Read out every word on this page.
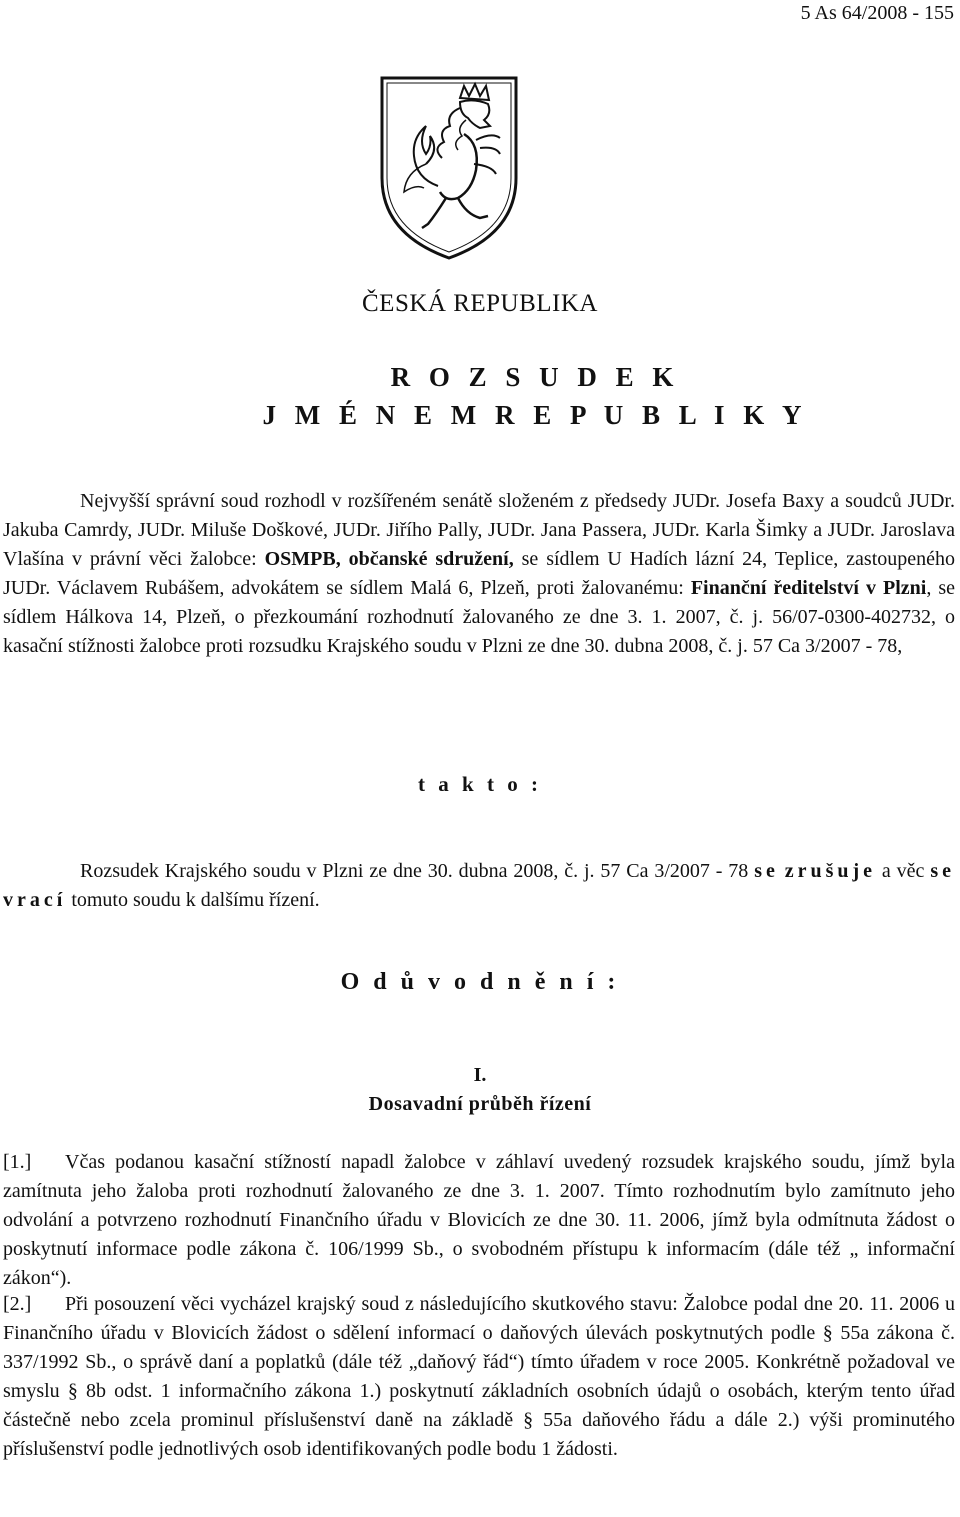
5 As 64/2008 - 155
ČESKÁ REPUBLIKA
R O Z S U D E K
J M É N E M R E P U B L I K Y

Nejvyšší správní soud rozhodl v rozšířeném senátě složeném z předsedy JUDr. Josefa Baxy a soudců JUDr. Jakuba Camrdy, JUDr. Miluše Doškové, JUDr. Jiřího Pally, JUDr. Jana Passera, JUDr. Karla Šimky a JUDr. Jaroslava Vlašína v právní věci žalobce: OSMPB, občanské sdružení, se sídlem U Hadích lázní 24, Teplice, zastoupeného JUDr. Václavem Rubášem, advokátem se sídlem Malá 6, Plzeň, proti žalovanému: Finanční ředitelství v Plzni, se sídlem Hálkova 14, Plzeň, o přezkoumání rozhodnutí žalovaného ze dne 3. 1. 2007, č. j. 56/07-0300-402732, o kasační stížnosti žalobce proti rozsudku Krajského soudu v Plzni ze dne 30. dubna 2008, č. j. 57 Ca 3/2007 - 78,

t a k t o :

Rozsudek Krajského soudu v Plzni ze dne 30. dubna 2008, č. j. 57 Ca 3/2007 - 78 se zrušuje a věc se vrací tomuto soudu k dalšímu řízení.

O d ů v o d n ě n í :
I.
Dosavadní průběh řízení

[1.] Včas podanou kasační stížností napadl žalobce v záhlaví uvedený rozsudek krajského soudu, jímž byla zamítnuta jeho žaloba proti rozhodnutí žalovaného ze dne 3. 1. 2007. Tímto rozhodnutím bylo zamítnuto jeho odvolání a potvrzeno rozhodnutí Finančního úřadu v Blovicích ze dne 30. 11. 2006, jímž byla odmítnuta žádost o poskytnutí informace podle zákona č. 106/1999 Sb., o svobodném přístupu k informacím (dále též „ informační zákon“).

[2.] Při posouzení věci vycházel krajský soud z následujícího skutkového stavu: Žalobce podal dne 20. 11. 2006 u Finančního úřadu v Blovicích žádost o sdělení informací o daňových úlevách poskytnutých podle § 55a zákona č. 337/1992 Sb., o správě daní a poplatků (dále též „daňový řád“) tímto úřadem v roce 2005. Konkrétně požadoval ve smyslu § 8b odst. 1 informačního zákona 1.) poskytnutí základních osobních údajů o osobách, kterým tento úřad částečně nebo zcela prominul příslušenství daně na základě § 55a daňového řádu a dále 2.) výši prominutého příslušenství podle jednotlivých osob identifikovaných podle bodu 1 žádosti.
